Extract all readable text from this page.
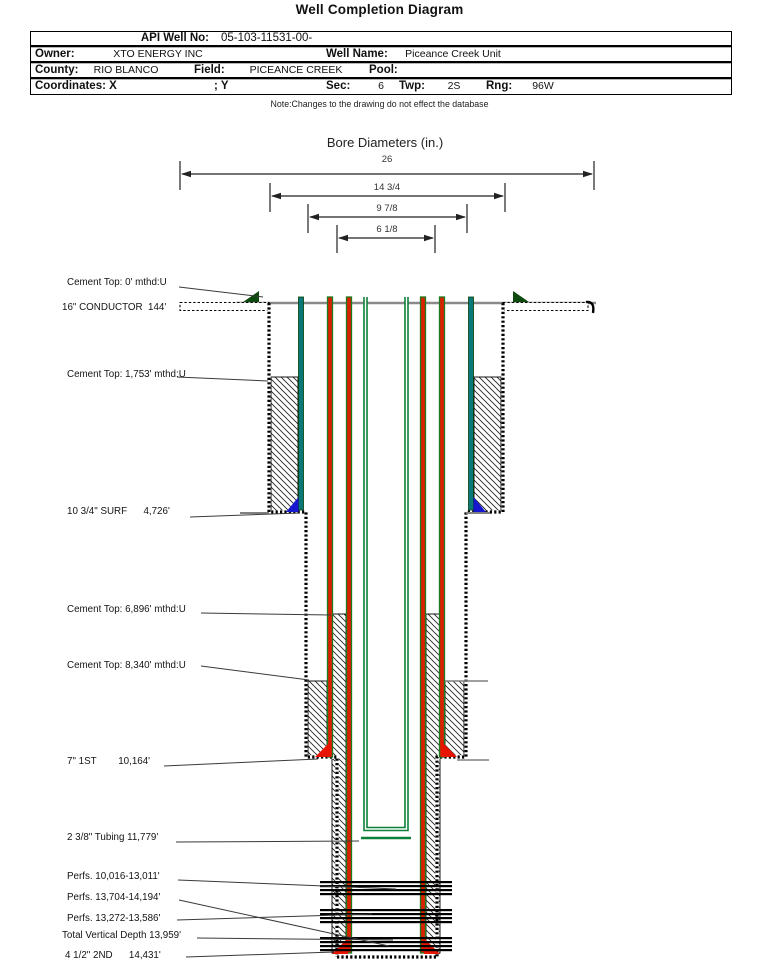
Well Completion Diagram
API Well No: 05-103-11531-00-
Owner:	XTO ENERGY INC	Well Name:	Piceance Creek Unit
County:	RIO BLANCO	Field:	PICEANCE CREEK	Pool:
Coordinates: X	; Y	Sec:	6	Twp:	2S	Rng:	96W
Note:Changes to the drawing do not effect the database
Bore Diameters (in.)
26
14 3/4
9 7/8
6 1/8
Cement Top: 0' mthd:U
16" CONDUCTOR  144'
Cement Top: 1,753' mthd:U
10 3/4" SURF      4,726'
Cement Top: 6,896' mthd:U
Cement Top: 8,340' mthd:U
7" 1ST        10,164'
2 3/8" Tubing 11,779'
Perfs. 10,016-13,011'
Perfs. 13,704-14,194'
Perfs. 13,272-13,586'
Total Vertical Depth 13,959'
4 1/2" 2ND      14,431'
